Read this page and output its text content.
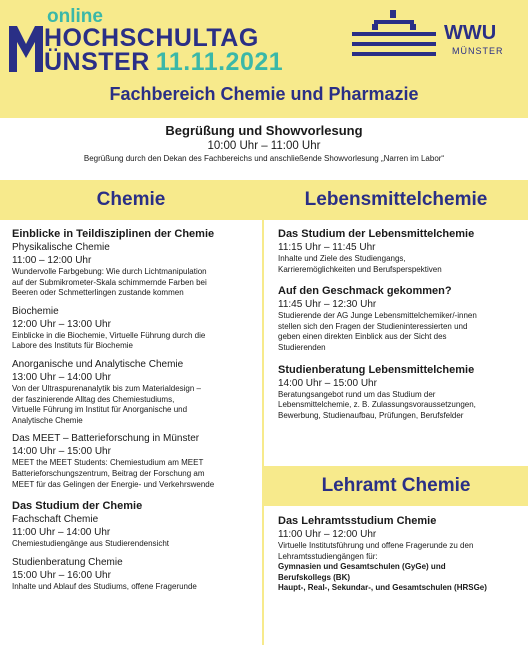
online
HOCHSCHULTAG
ÜNSTER 11.11.2021
WWU
MÜNSTER
Fachbereich Chemie und Pharmazie
Begrüßung und Showvorlesung
10:00 Uhr – 11:00 Uhr
Begrüßung durch den Dekan des Fachbereichs und anschließende Showvorlesung „Narren im Labor“
Chemie	Lebensmittelchemie

Einblicke in Teildisziplinen der Chemie

Physikalische Chemie

11:00 – 12:00 Uhr

Wundervolle Farbgebung: Wie durch Lichtmanipulation

auf der Submikrometer-Skala schimmernde Farben bei

Beeren oder Schmetterlingen zustande kommen

Biochemie

12:00 Uhr – 13:00 Uhr

Einblicke in die Biochemie, Virtuelle Führung durch die

Labore des Instituts für Biochemie

Anorganische und Analytische Chemie

13:00 Uhr – 14:00 Uhr

Von der Ultraspurenanalytik bis zum Materialdesign –

der faszinierende Alltag des Chemiestudiums,

Virtuelle Führung im Institut für Anorganische und

Analytische Chemie

Das MEET – Batterieforschung in Münster

14:00 Uhr – 15:00 Uhr

MEET the MEET Students: Chemiestudium am MEET

Batterieforschungszentrum, Beitrag der Forschung am

MEET für das Gelingen der Energie- und Verkehrswende

Das Studium der Chemie

Fachschaft Chemie

11:00 Uhr – 14:00 Uhr

Chemiestudiengänge aus Studierendensicht

Studienberatung Chemie

15:00 Uhr – 16:00 Uhr

Inhalte und Ablauf des Studiums, offene Fragerunde

Das Studium der Lebensmittelchemie

11:15 Uhr – 11:45 Uhr

Inhalte und Ziele des Studiengangs,

Karrieremöglichkeiten und Berufsperspektiven

Auf den Geschmack gekommen?

11:45 Uhr – 12:30 Uhr

Studierende der AG Junge Lebensmittelchemiker/-innen

stellen sich den Fragen der Studieninteressierten und

geben einen direkten Einblick aus der Sicht des

Studierenden

Studienberatung Lebensmittelchemie

14:00 Uhr – 15:00 Uhr

Beratungsangebot rund um das Studium der

Lebensmittelchemie, z. B. Zulassungsvoraussetzungen,

Bewerbung, Studienaufbau, Prüfungen, Berufsfelder

Lehramt Chemie

Das Lehramtsstudium Chemie

11:00 Uhr – 12:00 Uhr

Virtuelle Institutsführung und offene Fragerunde zu den

Lehramtsstudiengängen für:

Gymnasien und Gesamtschulen (GyGe) und

Berufskollegs (BK)

Haupt-, Real-, Sekundar-, und Gesamtschulen (HRSGe)
